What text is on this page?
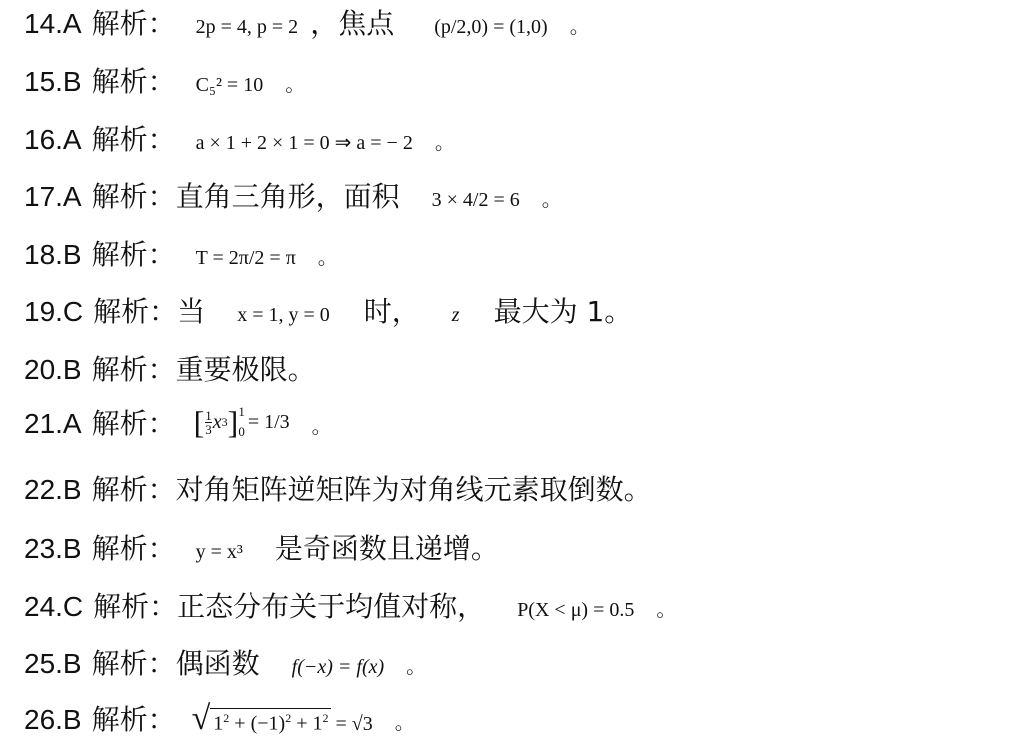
14.A 解析： 2p = 4, p = 2 ，焦点 (p/2,0) = (1,0) 。
15.B 解析： C₅² = 10 。
16.A 解析： a × 1 + 2 × 1 = 0 ⇒ a = − 2 。
17.A 解析： 直角三角形，面积 3 × 4/2 = 6 。
18.B 解析： T = 2π/2 = π 。
19.C 解析： 当 x = 1, y = 0 时， z 最大为 1。
20.B 解析： 重要极限。
21.A 解析： [ $\frac{1}{3}$ x 3 ] 1
0 = 1/3 。
22.B 解析： 对角矩阵逆矩阵为对角线元素取倒数。
23.B 解析： y = x³ 是奇函数且递增。
24.C 解析： 正态分布关于均值对称， P(X < μ) = 0.5 。
25.B 解析： 偶函数 f(−x) = f(x) 。
26.B 解析： √ $1^2 + (-1)^2 + 1^2 = √3$ 。
